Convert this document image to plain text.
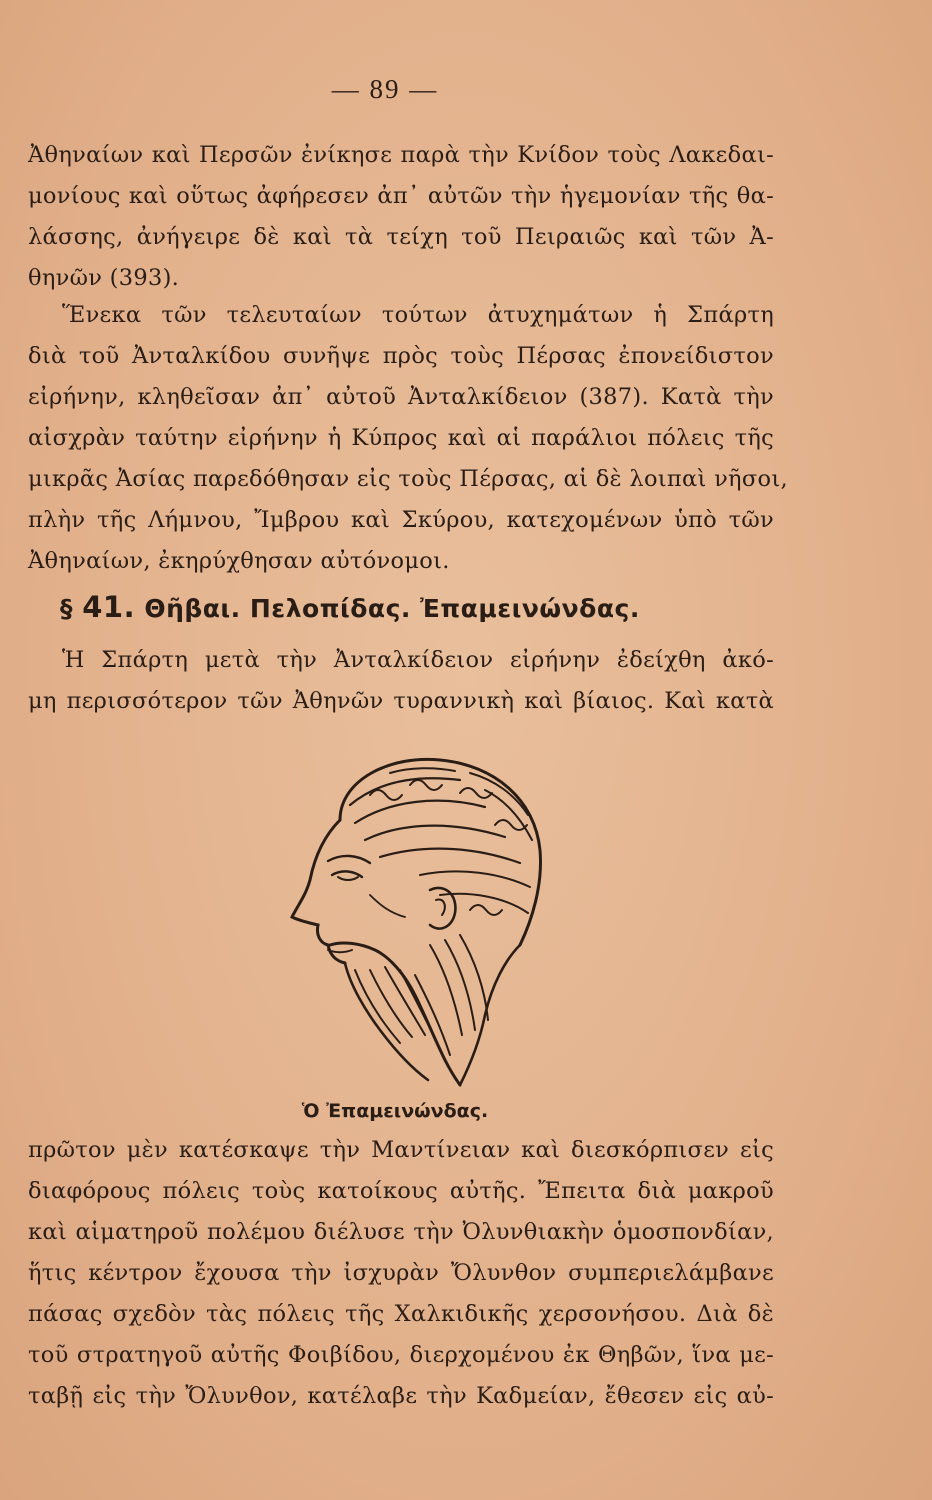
— 89 —
Ἀθηναίων καὶ Περσῶν ἐνίκησε παρὰ τὴν Κνίδον τοὺς Λακεδαι-
μονίους καὶ οὕτως ἀφήρεσεν ἀπ᾿ αὐτῶν τὴν ἡγεμονίαν τῆς θα-
λάσσης, ἀνήγειρε δὲ καὶ τὰ τείχη τοῦ Πειραιῶς καὶ τῶν Ἀ-
θηνῶν (393).
Ἕνεκα τῶν τελευταίων τούτων ἀτυχημάτων ἡ Σπάρτη
διὰ τοῦ Ἀνταλκίδου συνῆψε πρὸς τοὺς Πέρσας ἐπονείδιστον
εἰρήνην, κληθεῖσαν ἀπ᾿ αὐτοῦ Ἀνταλκίδειον (387). Κατὰ τὴν
αἰσχρὰν ταύτην εἰρήνην ἡ Κύπρος καὶ αἱ παράλιοι πόλεις τῆς
μικρᾶς Ἀσίας παρεδόθησαν εἰς τοὺς Πέρσας, αἱ δὲ λοιπαὶ νῆσοι,
πλὴν τῆς Λήμνου, Ἴμβρου καὶ Σκύρου, κατεχομένων ὑπὸ τῶν
Ἀθηναίων, ἐκηρύχθησαν αὐτόνομοι.
§ 41. Θῆβαι. Πελοπίδας. Ἐπαμεινώνδας.
Ἡ Σπάρτη μετὰ τὴν Ἀνταλκίδειον εἰρήνην ἐδείχθη ἀκό-
μη περισσότερον τῶν Ἀθηνῶν τυραννικὴ καὶ βίαιος. Καὶ κατὰ
Ὁ Ἐπαμεινώνδας.
πρῶτον μὲν κατέσκαψε τὴν Μαντίνειαν καὶ διεσκόρπισεν εἰς
διαφόρους πόλεις τοὺς κατοίκους αὐτῆς. Ἔπειτα διὰ μακροῦ
καὶ αἱματηροῦ πολέμου διέλυσε τὴν Ὀλυνθιακὴν ὁμοσπονδίαν,
ἥτις κέντρον ἔχουσα τὴν ἰσχυρὰν Ὄλυνθον συμπεριελάμβανε
πάσας σχεδὸν τὰς πόλεις τῆς Χαλκιδικῆς χερσονήσου. Διὰ δὲ
τοῦ στρατηγοῦ αὐτῆς Φοιβίδου, διερχομένου ἐκ Θηβῶν, ἵνα με-
ταβῇ εἰς τὴν Ὄλυνθον, κατέλαβε τὴν Καδμείαν, ἔθεσεν εἰς αὐ-
